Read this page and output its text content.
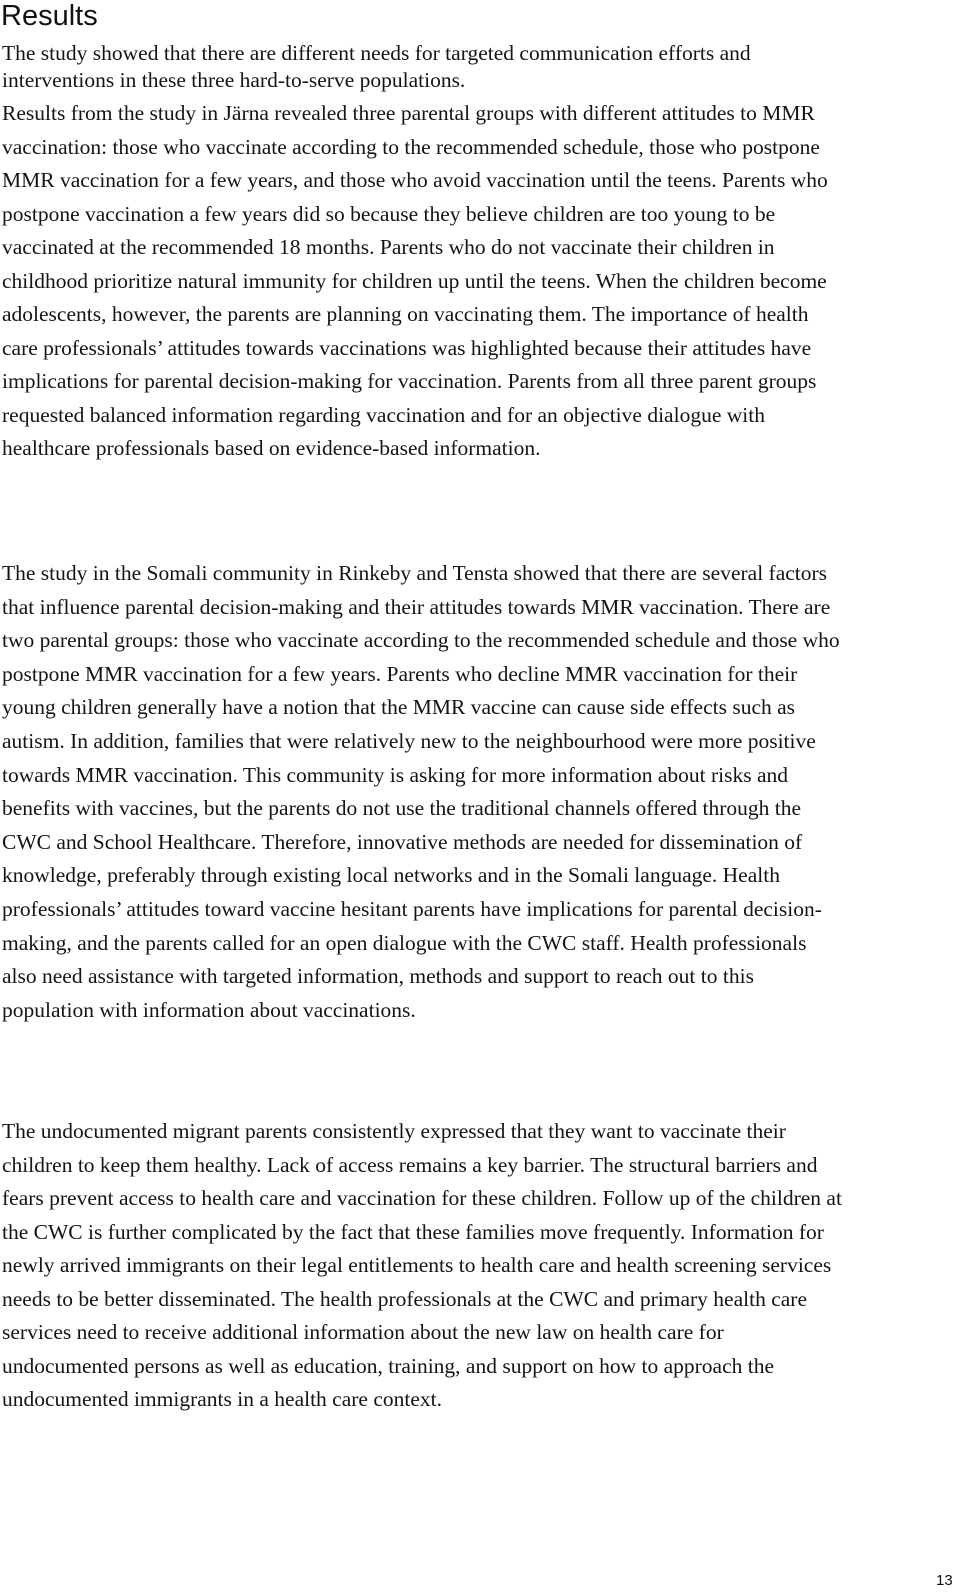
Results

The study showed that there are different needs for targeted communication efforts and interventions in these three hard-to-serve populations.

Results from the study in Järna revealed three parental groups with different attitudes to MMR vaccination: those who vaccinate according to the recommended schedule, those who postpone MMR vaccination for a few years, and those who avoid vaccination until the teens. Parents who postpone vaccination a few years did so because they believe children are too young to be vaccinated at the recommended 18 months. Parents who do not vaccinate their children in childhood prioritize natural immunity for children up until the teens. When the children become adolescents, however, the parents are planning on vaccinating them. The importance of health care professionals’ attitudes towards vaccinations was highlighted because their attitudes have implications for parental decision-making for vaccination. Parents from all three parent groups requested balanced information regarding vaccination and for an objective dialogue with healthcare professionals based on evidence-based information.

The study in the Somali community in Rinkeby and Tensta showed that there are several factors that influence parental decision-making and their attitudes towards MMR vaccination. There are two parental groups: those who vaccinate according to the recommended schedule and those who postpone MMR vaccination for a few years. Parents who decline MMR vaccination for their young children generally have a notion that the MMR vaccine can cause side effects such as autism. In addition, families that were relatively new to the neighbourhood were more positive towards MMR vaccination. This community is asking for more information about risks and benefits with vaccines, but the parents do not use the traditional channels offered through the CWC and School Healthcare. Therefore, innovative methods are needed for dissemination of knowledge, preferably through existing local networks and in the Somali language. Health professionals’ attitudes toward vaccine hesitant parents have implications for parental decision-making, and the parents called for an open dialogue with the CWC staff. Health professionals also need assistance with targeted information, methods and support to reach out to this population with information about vaccinations.

The undocumented migrant parents consistently expressed that they want to vaccinate their children to keep them healthy. Lack of access remains a key barrier. The structural barriers and fears prevent access to health care and vaccination for these children. Follow up of the children at the CWC is further complicated by the fact that these families move frequently. Information for newly arrived immigrants on their legal entitlements to health care and health screening services needs to be better disseminated. The health professionals at the CWC and primary health care services need to receive additional information about the new law on health care for undocumented persons as well as education, training, and support on how to approach the undocumented immigrants in a health care context.

13
